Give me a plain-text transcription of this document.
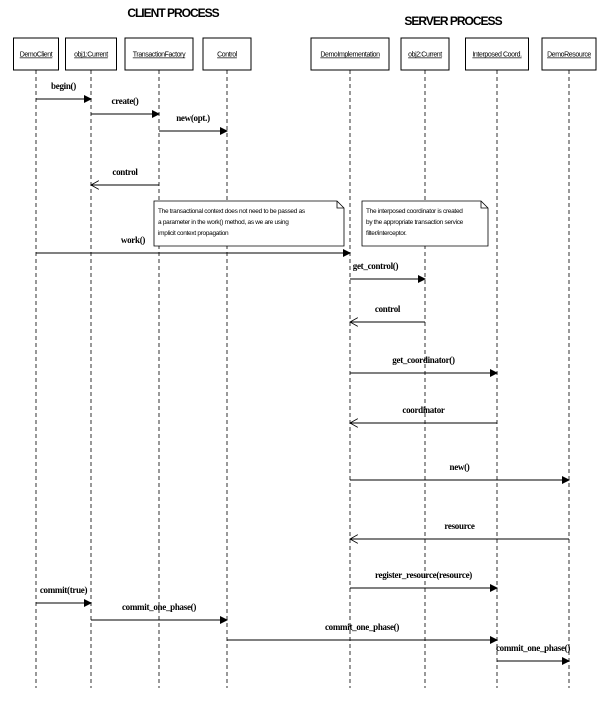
CLIENT PROCESS
SERVER PROCESS
DemoClient	obj1:Current	TransactionFactory	Control	DemoImplementation	obj2:Current	Interposed Coord.	DemoResource
The transactional context does not need to be passed as
a parameter in the work() method, as we are using
implicit context propagation
The interposed coordinator is created
by the appropriate transaction service
filter/interceptor.
begin()
create()
new(opt.)
control
work()
get_control()
control
get_coordinator()
coordinator
new()
resource
register_resource(resource)
commit(true)
commit_one_phase()
commit_one_phase()
commit_one_phase()
